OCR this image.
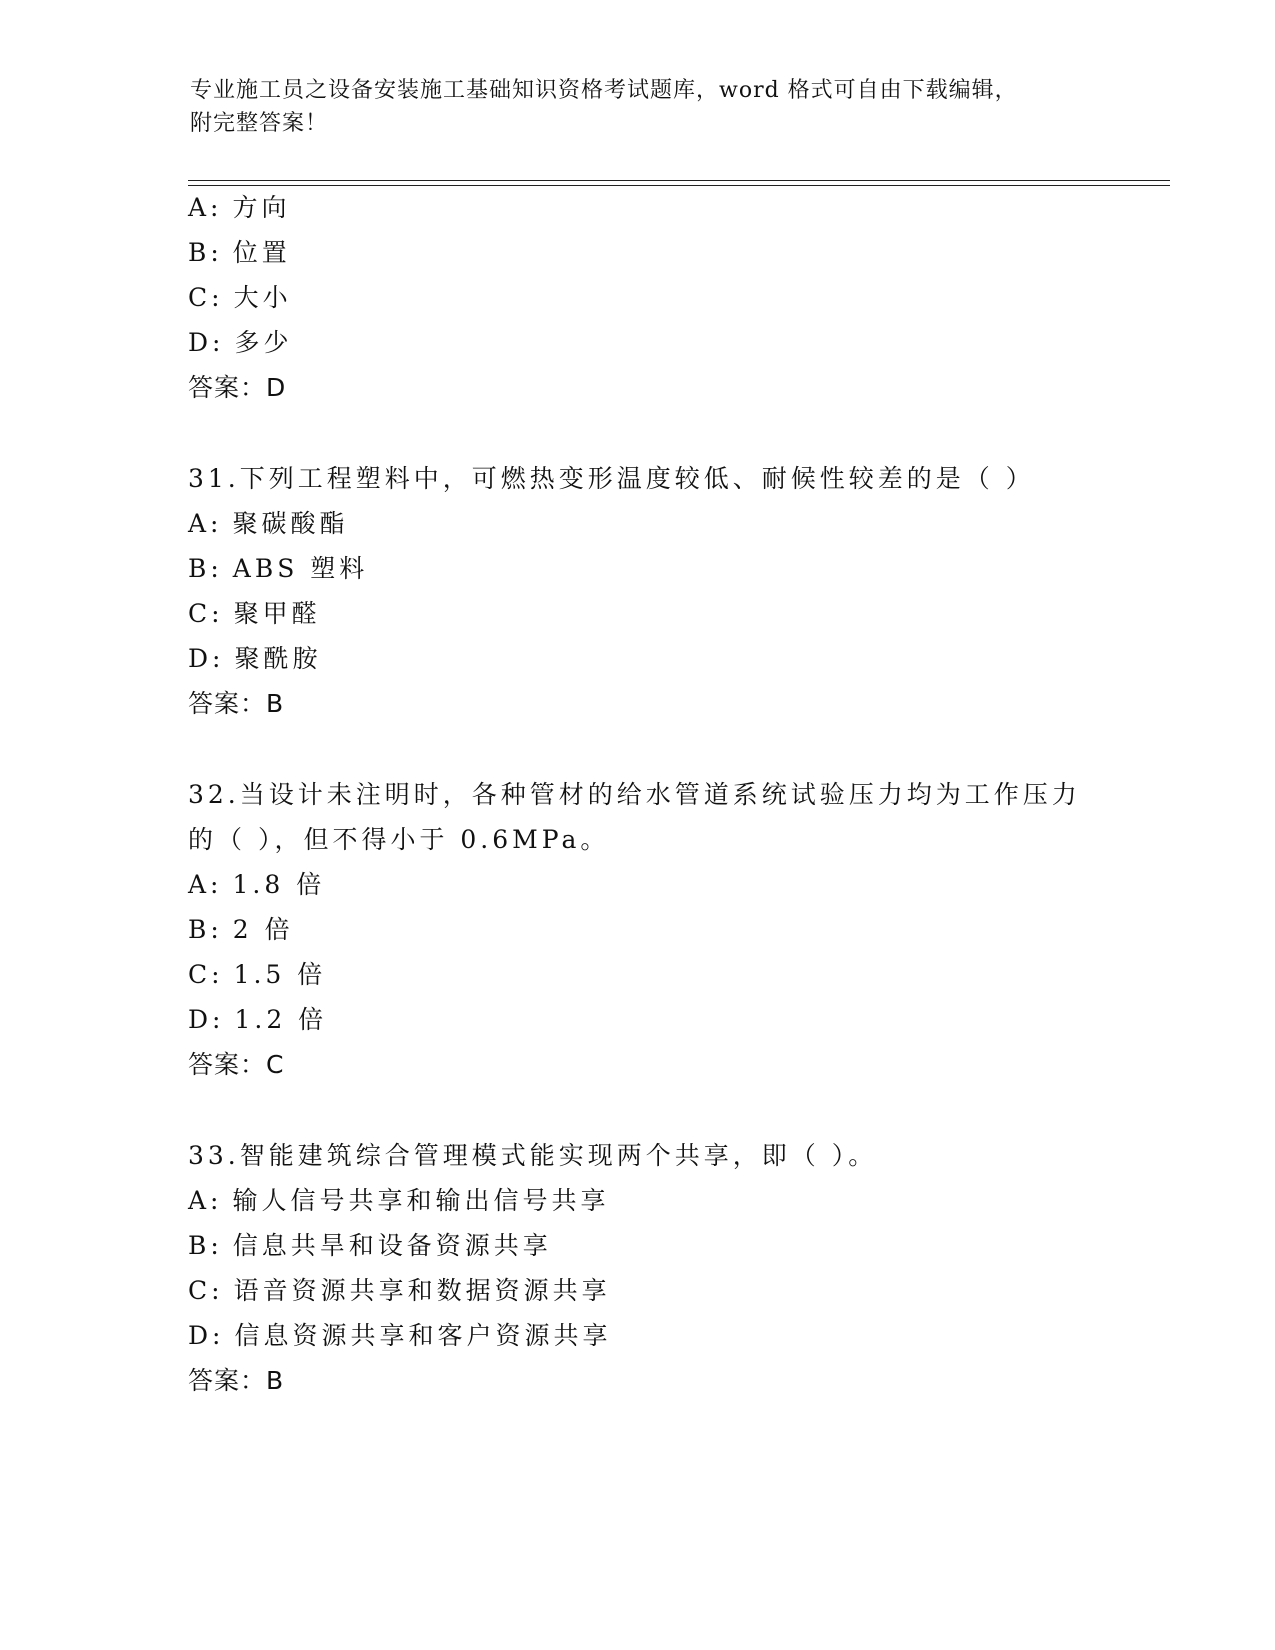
专业施工员之设备安装施工基础知识资格考试题库，word 格式可自由下载编辑，
附完整答案！
A: 方向
B: 位置
C: 大小
D: 多少
答案：D
31.下列工程塑料中，可燃热变形温度较低、耐候性较差的是（ ）
A: 聚碳酸酯
B: ABS 塑料
C: 聚甲醛
D: 聚酰胺
答案：B
32.当设计未注明时，各种管材的给水管道系统试验压力均为工作压力
的（ ），但不得小于 0.6MPa。
A: 1.8 倍
B: 2 倍
C: 1.5 倍
D: 1.2 倍
答案：C
33.智能建筑综合管理模式能实现两个共享，即（ ）。
A: 输人信号共享和输出信号共享
B: 信息共旱和设备资源共享
C: 语音资源共享和数据资源共享
D: 信息资源共享和客户资源共享
答案：B
